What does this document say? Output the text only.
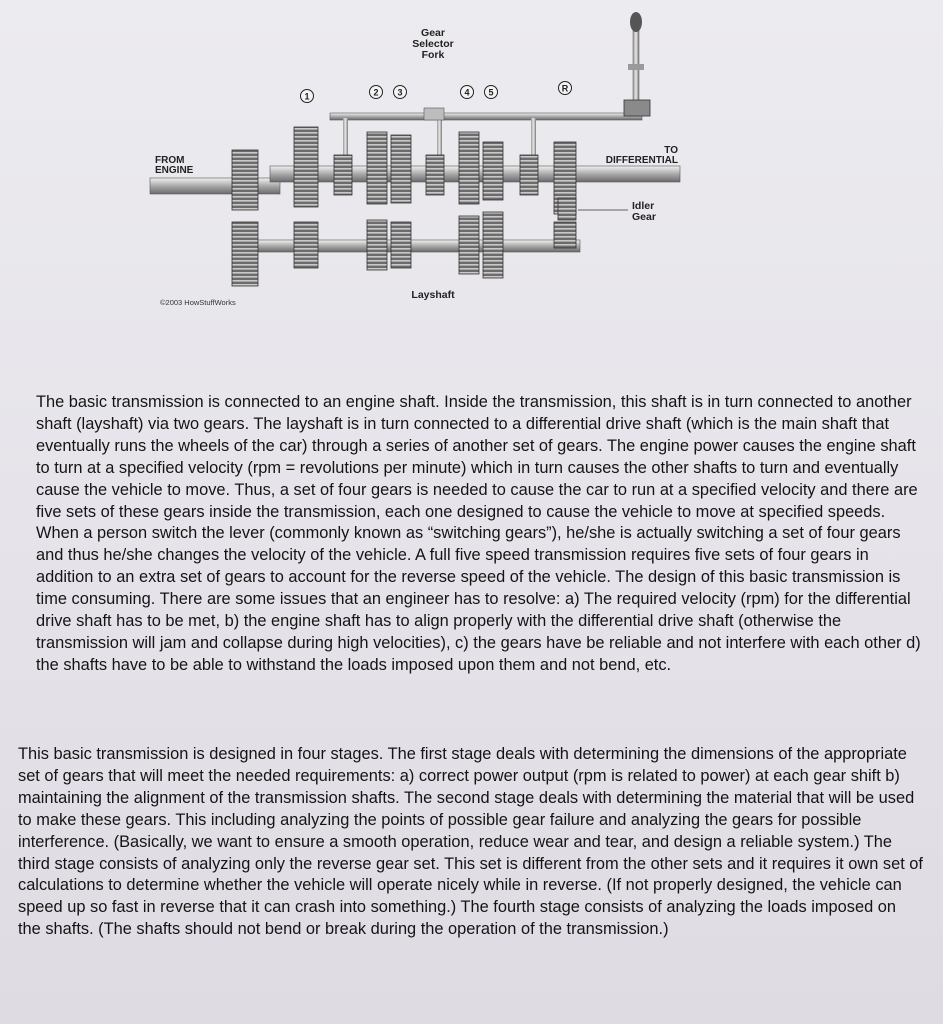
1	2 3	4 5	R
Gear
Selector
Fork
FROM
ENGINE
TO
DIFFERENTIAL
Idler
Gear
Layshaft
©2003 HowStuffWorks

The basic transmission is connected to an engine shaft. Inside the transmission, this shaft is in turn connected to another shaft (layshaft) via two gears. The layshaft is in turn connected to a differential drive shaft (which is the main shaft that eventually runs the wheels of the car) through a series of another set of gears. The engine power causes the engine shaft to turn at a specified velocity (rpm = revolutions per minute) which in turn causes the other shafts to turn and eventually cause the vehicle to move. Thus, a set of four gears is needed to cause the car to run at a specified velocity and there are five sets of these gears inside the transmission, each one designed to cause the vehicle to move at specified speeds. When a person switch the lever (commonly known as “switching gears”), he/she is actually switching a set of four gears and thus he/she changes the velocity of the vehicle. A full five speed transmission requires five sets of four gears in addition to an extra set of gears to account for the reverse speed of the vehicle. The design of this basic transmission is time consuming. There are some issues that an engineer has to resolve: a) The required velocity (rpm) for the differential drive shaft has to be met, b) the engine shaft has to align properly with the differential drive shaft (otherwise the transmission will jam and collapse during high velocities), c) the gears have be reliable and not interfere with each other d) the shafts have to be able to withstand the loads imposed upon them and not bend, etc.

This basic transmission is designed in four stages. The first stage deals with determining the dimensions of the appropriate set of gears that will meet the needed requirements: a) correct power output (rpm is related to power) at each gear shift b) maintaining the alignment of the transmission shafts. The second stage deals with determining the material that will be used to make these gears. This including analyzing the points of possible gear failure and analyzing the gears for possible interference. (Basically, we want to ensure a smooth operation, reduce wear and tear, and design a reliable system.) The third stage consists of analyzing only the reverse gear set. This set is different from the other sets and it requires it own set of calculations to determine whether the vehicle will operate nicely while in reverse. (If not properly designed, the vehicle can speed up so fast in reverse that it can crash into something.) The fourth stage consists of analyzing the loads imposed on the shafts. (The shafts should not bend or break during the operation of the transmission.)
